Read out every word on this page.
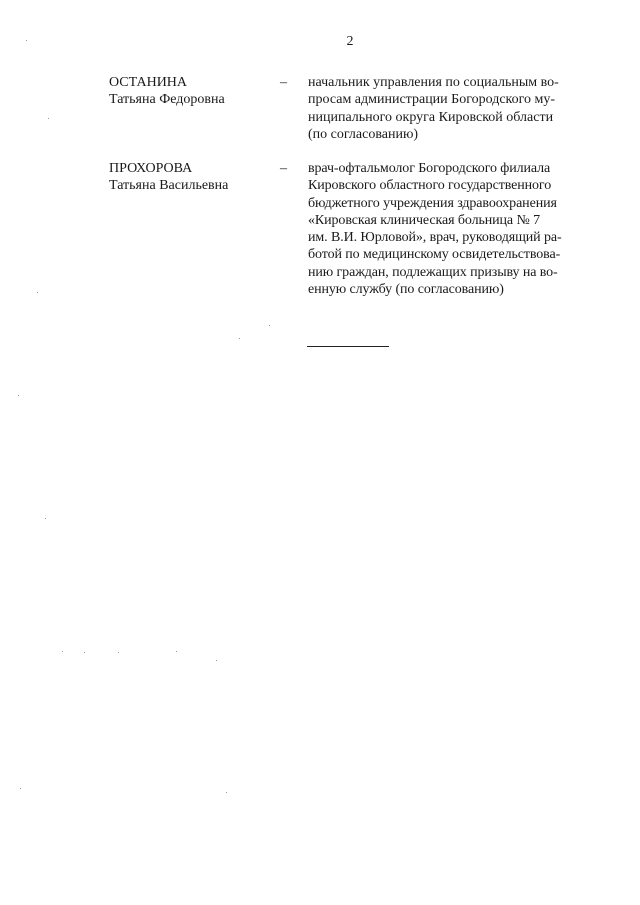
2
ОСТАНИНА
Татьяна Федоровна
– начальник управления по социальным во-
просам администрации Богородского му-
ниципального округа Кировской области
(по согласованию)
ПРОХОРОВА
Татьяна Васильевна
– врач-офтальмолог Богородского филиала
Кировского областного государственного
бюджетного учреждения здравоохранения
«Кировская клиническая больница № 7
им. В.И. Юрловой», врач, руководящий ра-
ботой по медицинскому освидетельствова-
нию граждан, подлежащих призыву на во-
енную службу (по согласованию)
